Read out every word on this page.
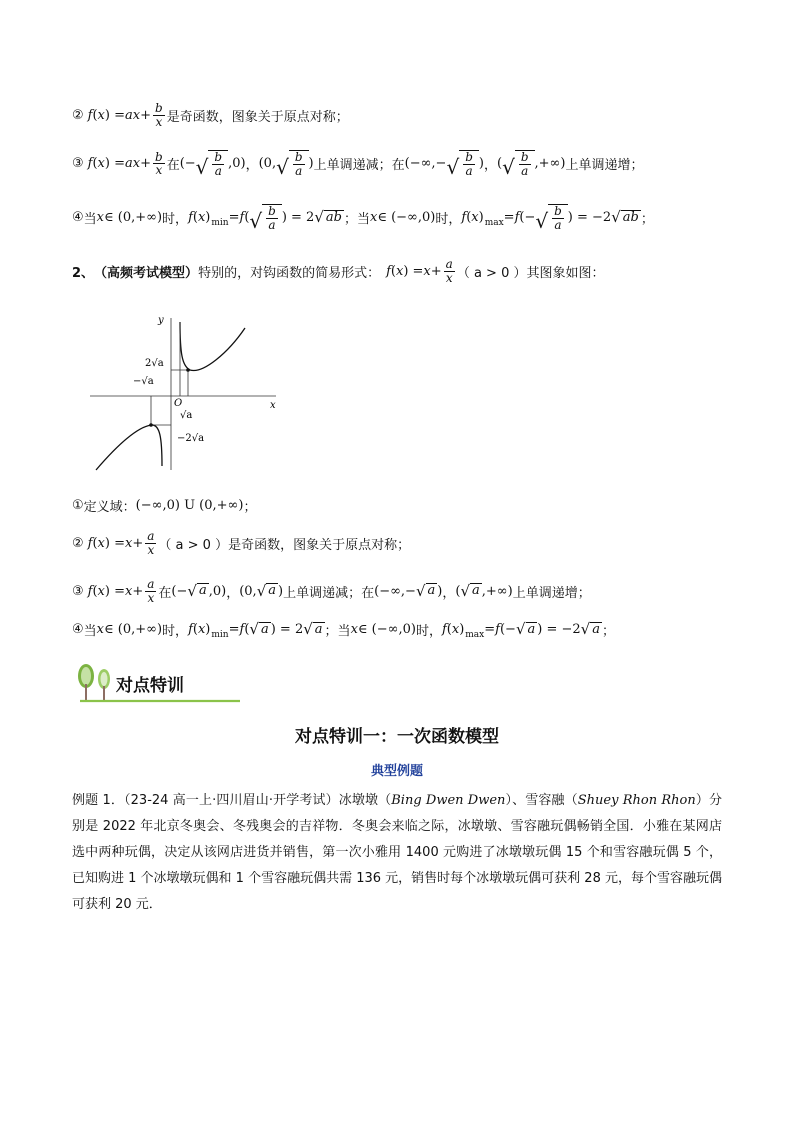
② f ( x ) = ax + $\frac{b}{x}$ 是奇函数，图象关于原点对称；
③ f ( x ) = ax + $\frac{b}{x}$ 在 (− √ $\frac{b}{a} ,0$) ， (0, √ $\frac{b}{a}$ ) 上单调递减；在 (−∞,− √ $\frac{b}{a}$ ) ， ( √ $\frac{b}{a}$ ,+∞) 上单调递增；
④ 当 x ∈ (0,+∞) 时， f ( x ) min = f ( √ $\frac{b}{a}$ ) = 2 √ ab ；当 x ∈ (−∞,0) 时， f ( x ) max = f (− √ $\frac{b}{a}$ ) = −2 √ ab ；
2、 （高频考试模型） 特别的，对钩函数的简易形式： f ( x ) = $x + \frac{a}{x}$ （ a > 0 ）其图象如图：
y
x
O
2√a
−√a
√a
−2√a
① 定义域： (−∞,0) U (0,+∞) ；
② f ( x ) = $x + \frac{a}{x}$ （ a > 0 ） 是奇函数，图象关于原点对称；
③ f ( x ) = $x + \frac{a}{x}$ 在 (− √ a ,0) ， (0, √ a ) 上单调递减；在 (−∞,− √ a ) ， ( √ a ,+∞) 上单调递增；
④ 当 x ∈ (0,+∞) 时， f ( x ) min = f ( √ a ) = 2 √ a ；当 x ∈ (−∞,0) 时， f ( x ) max = f (− √ a ) = −2 √ a ；
对点特训
对点特训一：一次函数模型
典型例题
例题 1．（23-24 高一上·四川眉山·开学考试）冰墩墩（Bing Dwen Dwen）、雪容融（Shuey Rhon Rhon）分别是 2022 年北京冬奥会、冬残奥会的吉祥物．冬奥会来临之际，冰墩墩、雪容融玩偶畅销全国．小雅在某网店选中两种玩偶，决定从该网店进货并销售，第一次小雅用 1400 元购进了冰墩墩玩偶 15 个和雪容融玩偶 5 个，已知购进 1 个冰墩墩玩偶和 1 个雪容融玩偶共需 136 元，销售时每个冰墩墩玩偶可获利 28 元，每个雪容融玩偶可获利 20 元．
